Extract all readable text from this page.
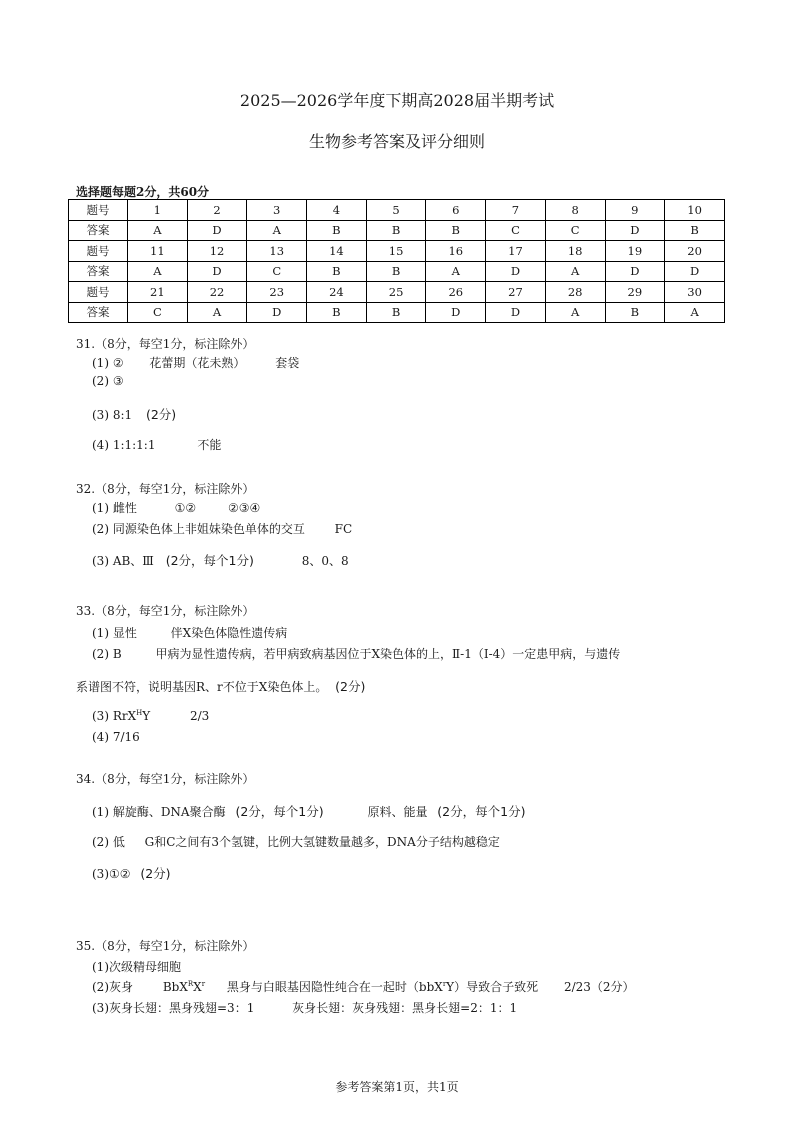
2025—2026学年度下期高2028届半期考试
生物参考答案及评分细则
选择题每题2分，共60分
题号	1	2	3	4	5	6	7	8	9	10
答案	A	D	A	B	B	B	C	C	D	B
题号	11	12	13	14	15	16	17	18	19	20
答案	A	D	C	B	B	A	D	A	D	D
题号	21	22	23	24	25	26	27	28	29	30
答案	C	A	D	B	B	D	D	A	B	A
31.（8分，每空1分，标注除外）
(1) ② 花蕾期（花未熟） 套袋
(2) ③
(3) 8:1 (2分)
(4) 1:1:1:1	不能
32.（8分，每空1分，标注除外）
(1) 雌性	①②	②③④
(2) 同源染色体上非姐妹染色单体的交互 FC
(3) AB、Ⅲ (2分，每个1分)	8、0、8
33.（8分，每空1分，标注除外）
(1) 显性	伴X染色体隐性遗传病
(2) B	甲病为显性遗传病，若甲病致病基因位于X染色体的上，Ⅱ-1（Ⅰ-4）一定患甲病，与遗传
系谱图不符，说明基因R、r不位于X染色体上。 (2分)
(3) RrX$^H$Y	2/3
(4) 7/16
34.（8分，每空1分，标注除外）
(1) 解旋酶、DNA聚合酶 (2分，每个1分)	原料、能量 (2分，每个1分)
(2) 低 G和C之间有3个氢键，比例大氢键数量越多，DNA分子结构越稳定
(3)①② (2分)
35.（8分，每空1分，标注除外）
(1)次级精母细胞
(2)灰身 $BbX^RX^r$ 黑身与白眼基因隐性纯合在一起时（bbX$^r$Y）导致合子致死 2/23（2分）
(3)灰身长翅：黑身残翅=3：1	灰身长翅：灰身残翅：黑身长翅=2：1：1
参考答案第1页，共1页
